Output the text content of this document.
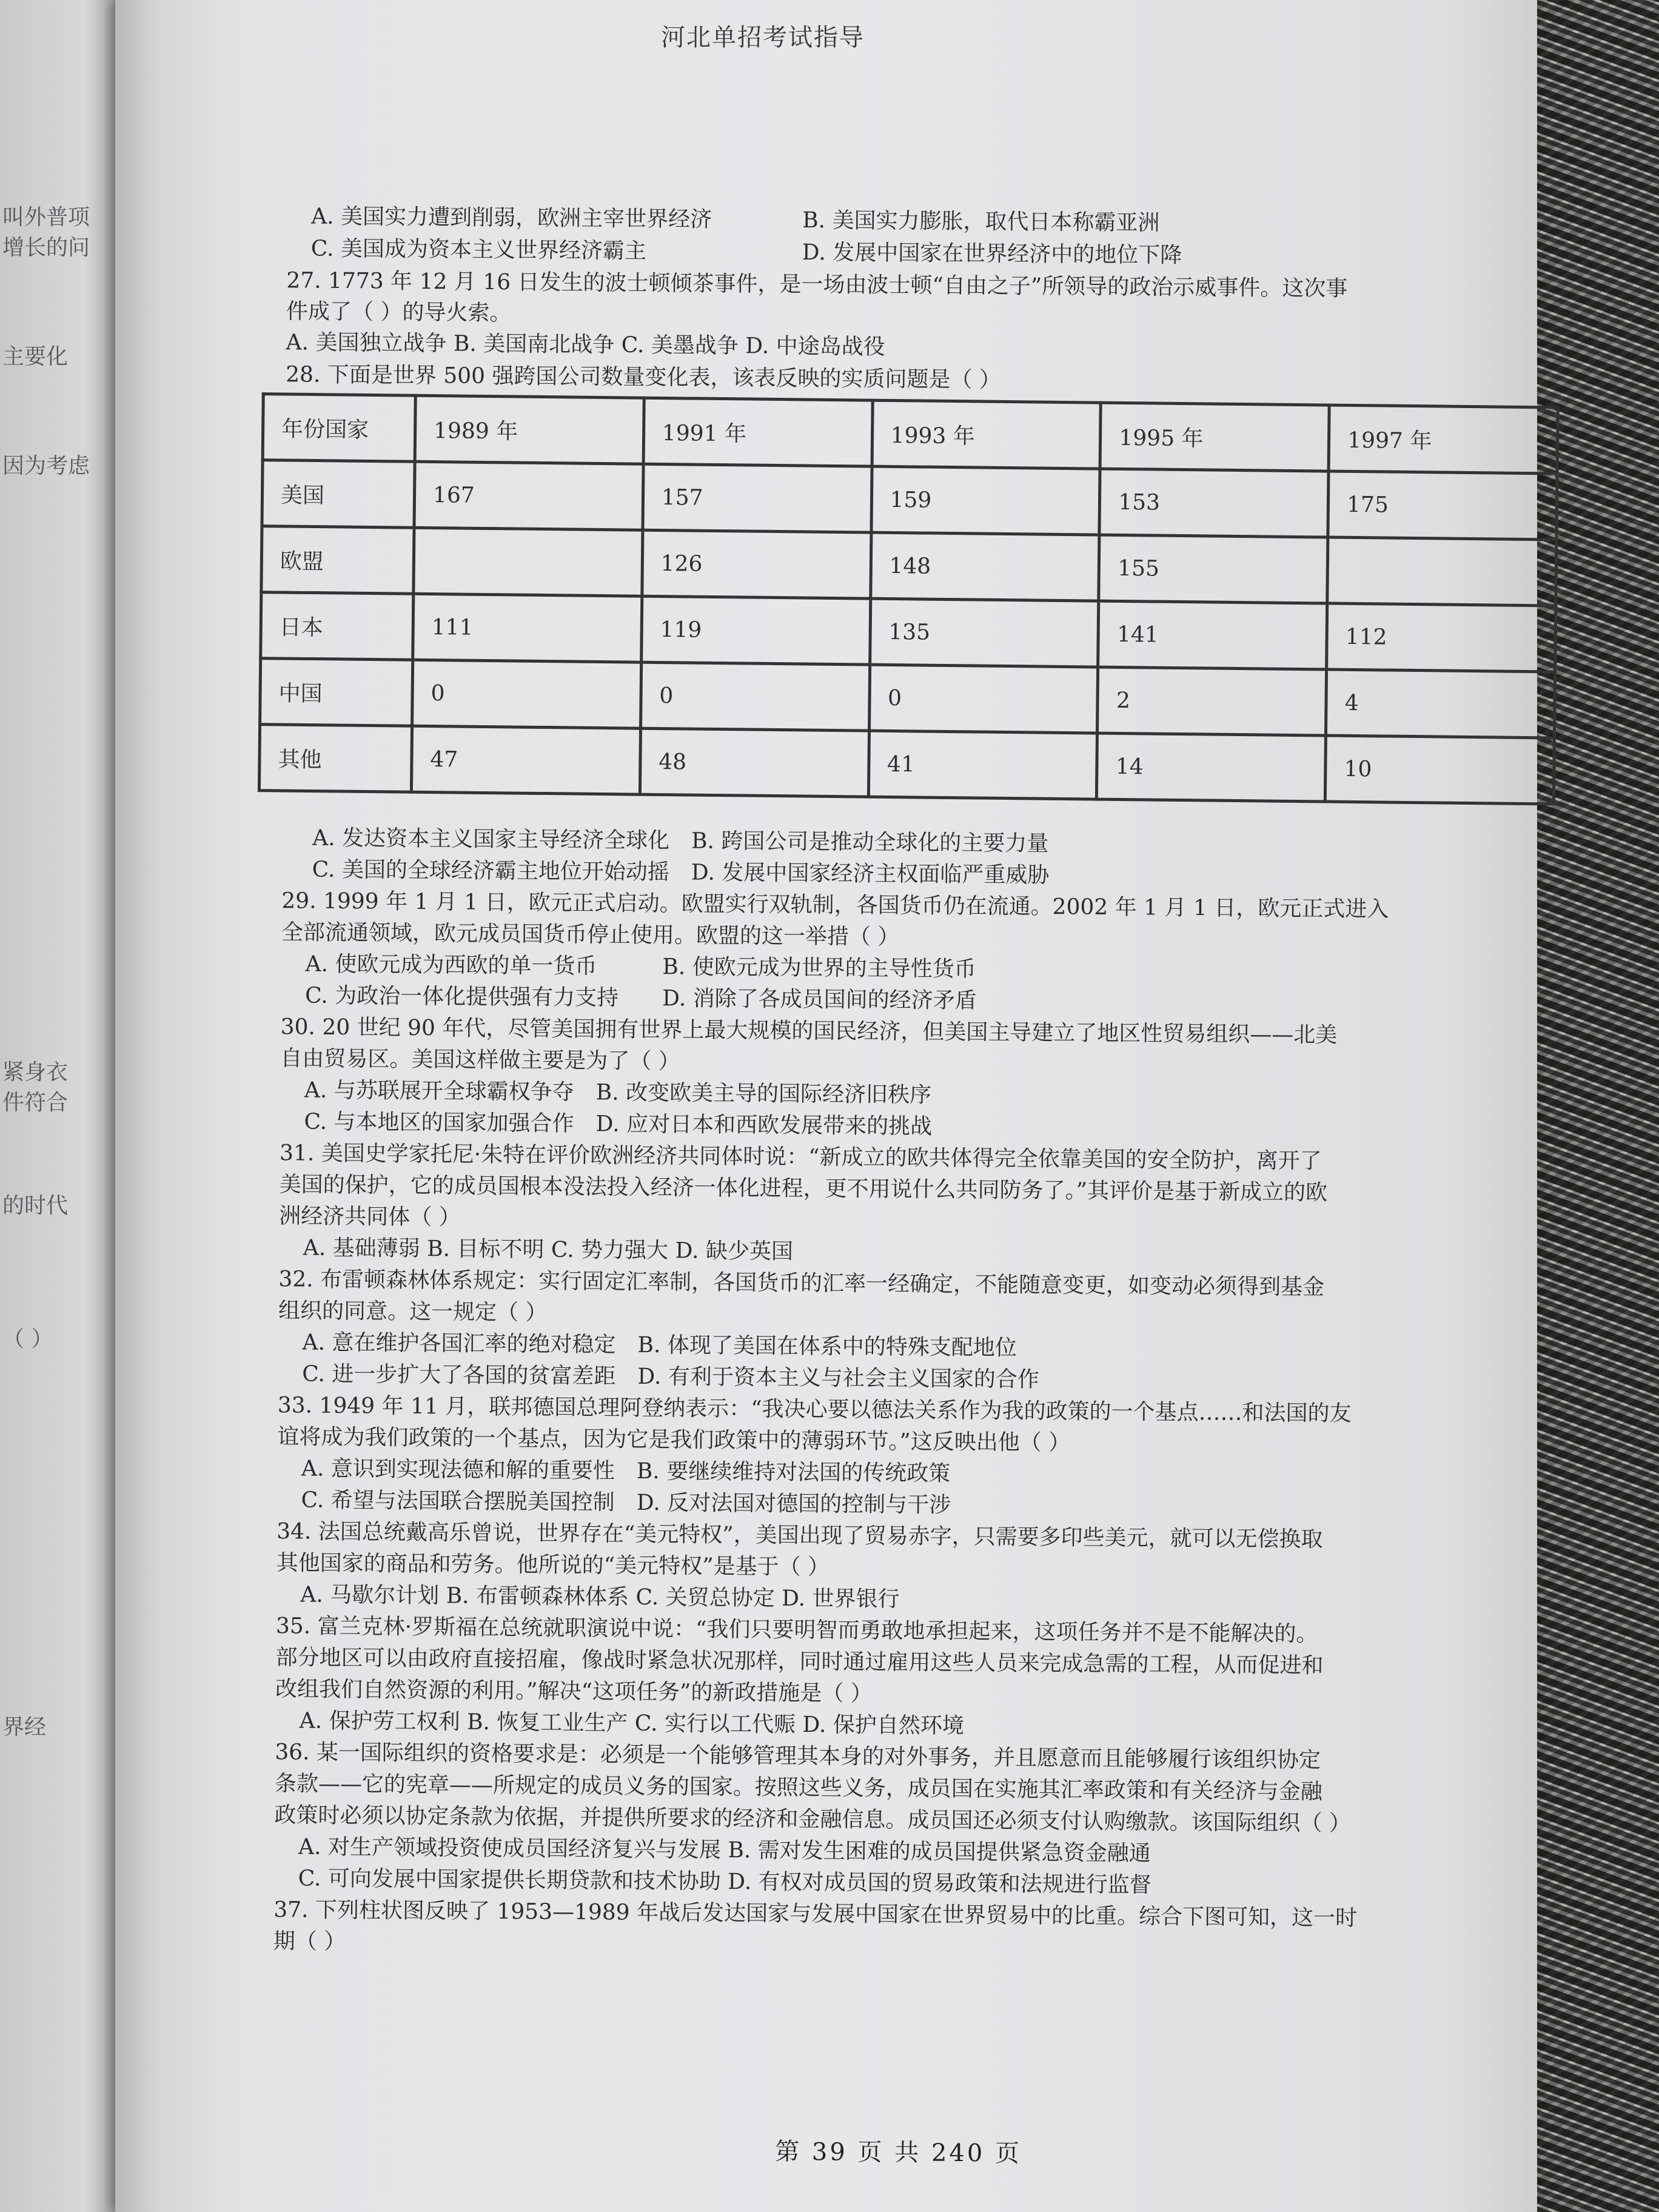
叫外普项
增长的问
主要化
因为考虑
紧身衣
件符合
的时代
（ ）
界经
河北单招考试指导
A. 美国实力遭到削弱，欧洲主宰世界经济	B. 美国实力膨胀，取代日本称霸亚洲
C. 美国成为资本主义世界经济霸主	D. 发展中国家在世界经济中的地位下降
27. 1773 年 12 月 16 日发生的波士顿倾茶事件，是一场由波士顿“自由之子”所领导的政治示威事件。这次事
件成了（ ）的导火索。
A. 美国独立战争 B. 美国南北战争 C. 美墨战争 D. 中途岛战役
28. 下面是世界 500 强跨国公司数量变化表，该表反映的实质问题是（ ）
年份国家	1989 年	1991 年	1993 年	1995 年	1997 年
美国	167	157	159	153	175
欧盟		126	148	155	
日本	111	119	135	141	112
中国	0	0	0	2	4
其他	47	48	41	14	10
A. 发达资本主义国家主导经济全球化　B. 跨国公司是推动全球化的主要力量
C. 美国的全球经济霸主地位开始动摇　D. 发展中国家经济主权面临严重威胁
29. 1999 年 1 月 1 日，欧元正式启动。欧盟实行双轨制，各国货币仍在流通。2002 年 1 月 1 日，欧元正式进入
全部流通领域，欧元成员国货币停止使用。欧盟的这一举措（ ）
A. 使欧元成为西欧的单一货币　　　B. 使欧元成为世界的主导性货币
C. 为政治一体化提供强有力支持　　D. 消除了各成员国间的经济矛盾
30. 20 世纪 90 年代，尽管美国拥有世界上最大规模的国民经济，但美国主导建立了地区性贸易组织——北美
自由贸易区。美国这样做主要是为了（ ）
A. 与苏联展开全球霸权争夺　B. 改变欧美主导的国际经济旧秩序
C. 与本地区的国家加强合作　D. 应对日本和西欧发展带来的挑战
31. 美国史学家托尼·朱特在评价欧洲经济共同体时说：“新成立的欧共体得完全依靠美国的安全防护，离开了
美国的保护，它的成员国根本没法投入经济一体化进程，更不用说什么共同防务了。”其评价是基于新成立的欧
洲经济共同体（ ）
A. 基础薄弱 B. 目标不明 C. 势力强大 D. 缺少英国
32. 布雷顿森林体系规定：实行固定汇率制，各国货币的汇率一经确定，不能随意变更，如变动必须得到基金
组织的同意。这一规定（ ）
A. 意在维护各国汇率的绝对稳定　B. 体现了美国在体系中的特殊支配地位
C. 进一步扩大了各国的贫富差距　D. 有利于资本主义与社会主义国家的合作
33. 1949 年 11 月，联邦德国总理阿登纳表示：“我决心要以德法关系作为我的政策的一个基点……和法国的友
谊将成为我们政策的一个基点，因为它是我们政策中的薄弱环节。”这反映出他（ ）
A. 意识到实现法德和解的重要性　B. 要继续维持对法国的传统政策
C. 希望与法国联合摆脱美国控制　D. 反对法国对德国的控制与干涉
34. 法国总统戴高乐曾说，世界存在“美元特权”，美国出现了贸易赤字，只需要多印些美元，就可以无偿换取
其他国家的商品和劳务。他所说的“美元特权”是基于（ ）
A. 马歇尔计划 B. 布雷顿森林体系 C. 关贸总协定 D. 世界银行
35. 富兰克林·罗斯福在总统就职演说中说：“我们只要明智而勇敢地承担起来，这项任务并不是不能解决的。
部分地区可以由政府直接招雇，像战时紧急状况那样，同时通过雇用这些人员来完成急需的工程，从而促进和
改组我们自然资源的利用。”解决“这项任务”的新政措施是（ ）
A. 保护劳工权利 B. 恢复工业生产 C. 实行以工代赈 D. 保护自然环境
36. 某一国际组织的资格要求是：必须是一个能够管理其本身的对外事务，并且愿意而且能够履行该组织协定
条款——它的宪章——所规定的成员义务的国家。按照这些义务，成员国在实施其汇率政策和有关经济与金融
政策时必须以协定条款为依据，并提供所要求的经济和金融信息。成员国还必须支付认购缴款。该国际组织（ ）
A. 对生产领域投资使成员国经济复兴与发展 B. 需对发生困难的成员国提供紧急资金融通
C. 可向发展中国家提供长期贷款和技术协助 D. 有权对成员国的贸易政策和法规进行监督
37. 下列柱状图反映了 1953—1989 年战后发达国家与发展中国家在世界贸易中的比重。综合下图可知，这一时
期（ ）
第 39 页 共 240 页
